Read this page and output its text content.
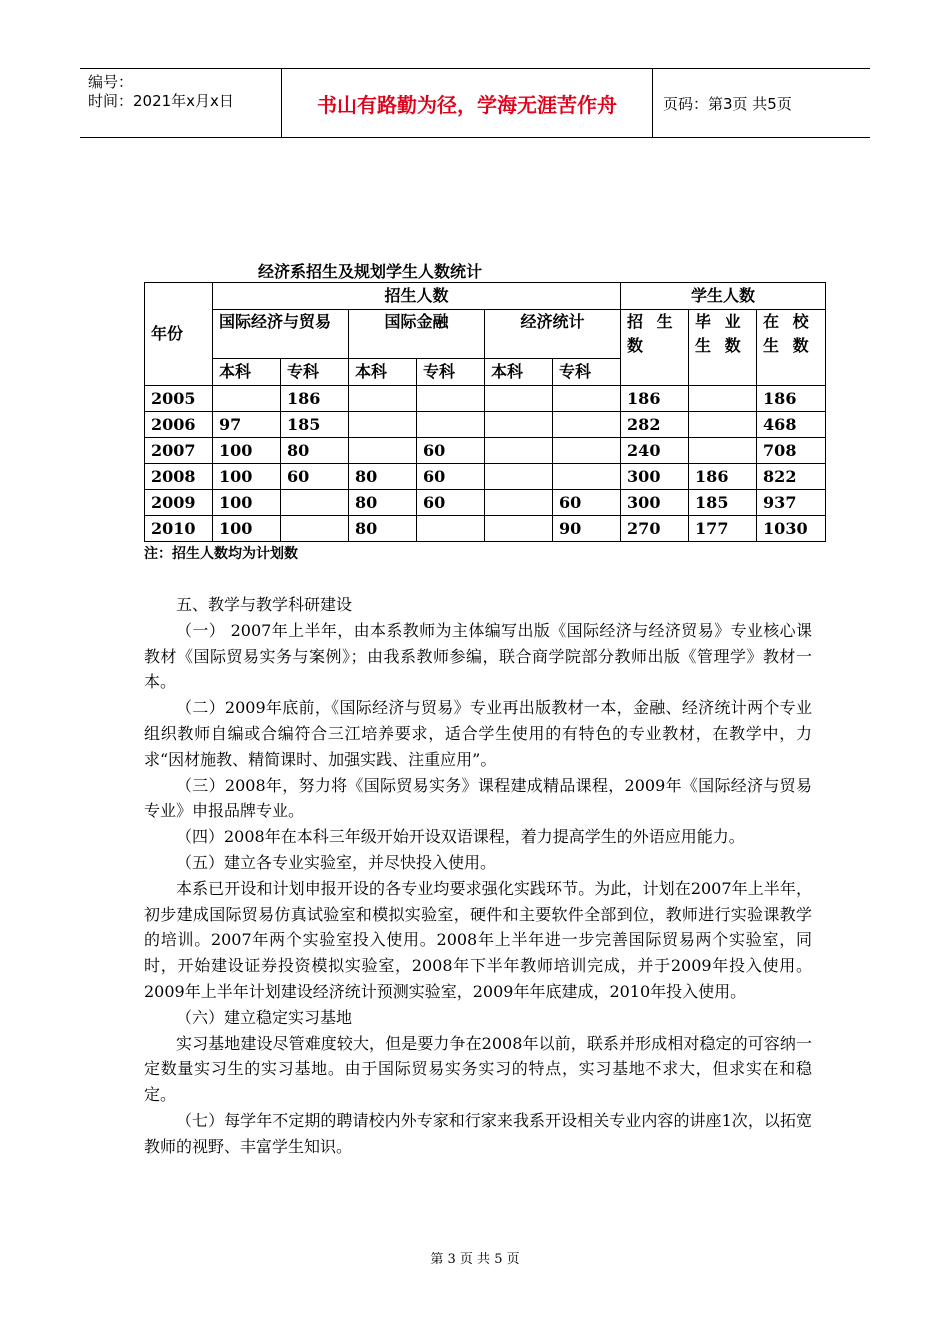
编号：
时间：2021年x月x日	书山有路勤为径，学海无涯苦作舟	页码：第3页 共5页
经济系招生及规划学生人数统计
年份	招生人数						学生人数		
	国际经济与贸易		国际金融		经济统计		招 生 数	毕 业 生 数	在 校 生 数
	本科	专科	本科	专科	本科	专科			
2005		186					186		186
2006	97	185					282		468
2007	100	80		60			240		708
2008	100	60	80	60			300	186	822
2009	100		80	60		60	300	185	937
2010	100		80			90	270	177	1030
注：招生人数均为计划数

五、教学与教学科研建设

（一） 2007年上半年，由本系教师为主体编写出版《国际经济与经济贸易》专业核心课教材《国际贸易实务与案例》；由我系教师参编，联合商学院部分教师出版《管理学》教材一本。

（二）2009年底前，《国际经济与贸易》专业再出版教材一本，金融、经济统计两个专业组织教师自编或合编符合三江培养要求，适合学生使用的有特色的专业教材，在教学中，力求“因材施教、精简课时、加强实践、注重应用”。

（三）2008年，努力将《国际贸易实务》课程建成精品课程，2009年《国际经济与贸易专业》申报品牌专业。

（四）2008年在本科三年级开始开设双语课程，着力提高学生的外语应用能力。

（五）建立各专业实验室，并尽快投入使用。

本系已开设和计划申报开设的各专业均要求强化实践环节。为此，计划在2007年上半年，初步建成国际贸易仿真试验室和模拟实验室，硬件和主要软件全部到位，教师进行实验课教学的培训。2007年两个实验室投入使用。2008年上半年进一步完善国际贸易两个实验室，同时，开始建设证券投资模拟实验室，2008年下半年教师培训完成，并于2009年投入使用。2009年上半年计划建设经济统计预测实验室，2009年年底建成，2010年投入使用。

（六）建立稳定实习基地

实习基地建设尽管难度较大，但是要力争在2008年以前，联系并形成相对稳定的可容纳一定数量实习生的实习基地。由于国际贸易实务实习的特点，实习基地不求大，但求实在和稳定。

（七）每学年不定期的聘请校内外专家和行家来我系开设相关专业内容的讲座1次，以拓宽教师的视野、丰富学生知识。

第 3 页 共 5 页
